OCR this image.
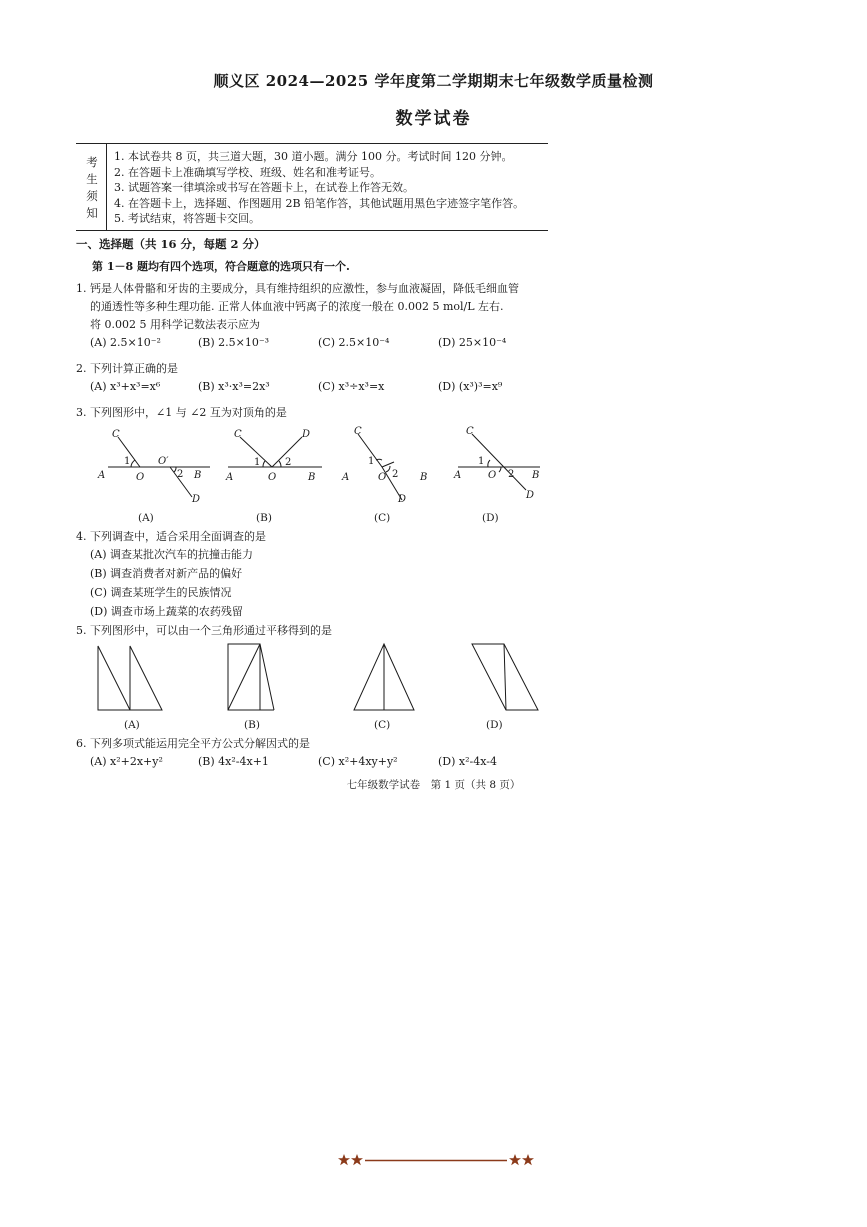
顺义区 2024—2025 学年度第二学期期末七年级数学质量检测
数学试卷
考
生
须
知
1. 本试卷共 8 页，共三道大题，30 道小题。满分 100 分。考试时间 120 分钟。
2. 在答题卡上准确填写学校、班级、姓名和准考证号。
3. 试题答案一律填涂或书写在答题卡上，在试卷上作答无效。
4. 在答题卡上，选择题、作图题用 2B 铅笔作答，其他试题用黑色字迹签字笔作答。
5. 考试结束，将答题卡交回。
一、选择题（共 16 分，每题 2 分）
第 1－8 题均有四个选项，符合题意的选项只有一个.
1. 钙是人体骨骼和牙齿的主要成分，具有维持组织的应激性，参与血液凝固，降低毛细血管
的通透性等多种生理功能. 正常人体血液中钙离子的浓度一般在 0.002 5 mol/L 左右.
将 0.002 5 用科学记数法表示应为
(A) 2.5×10⁻²	(B) 2.5×10⁻³	(C) 2.5×10⁻⁴	(D) 25×10⁻⁴
2. 下列计算正确的是
(A) x³+x³=x⁶	(B) x³·x³=2x³	(C) x³÷x³=x	(D) (x³)³=x⁹
3. 下列图形中，∠1 与 ∠2 互为对顶角的是
C
1
A	O
O′
2 B
D
C	D
1 2
A	O	B
C
1
2
A	O	B
D
C
1
A	O 2 B
D
(A)	(B)	(C)	(D)
4. 下列调查中，适合采用全面调查的是
(A) 调查某批次汽车的抗撞击能力
(B) 调查消费者对新产品的偏好
(C) 调查某班学生的民族情况
(D) 调查市场上蔬菜的农药残留
5. 下列图形中，可以由一个三角形通过平移得到的是
(A)	(B)	(C)	(D)
6. 下列多项式能运用完全平方公式分解因式的是
(A) x²+2x+y²	(B) 4x²-4x+1	(C) x²+4xy+y²	(D) x²-4x-4
七年级数学试卷　第 1 页（共 8 页）
